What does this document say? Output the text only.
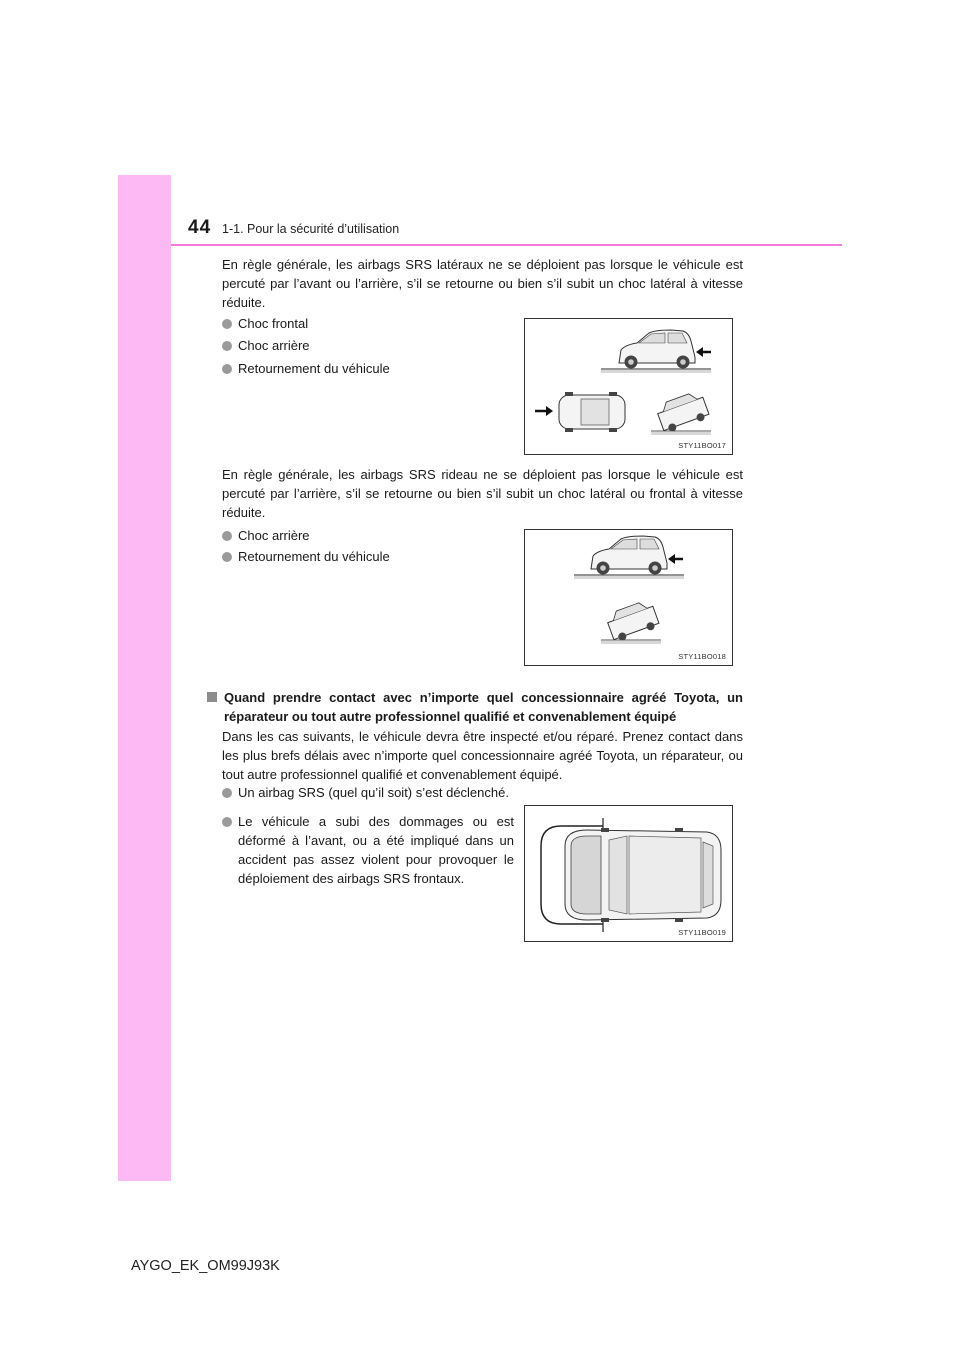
44 1-1. Pour la sécurité d’utilisation
En règle générale, les airbags SRS latéraux ne se déploient pas lorsque le véhicule est percuté par l’avant ou l’arrière, s’il se retourne ou bien s’il subit un choc latéral à vitesse réduite.
Choc frontal
Choc arrière
Retournement du véhicule
STY11BO017
En règle générale, les airbags SRS rideau ne se déploient pas lorsque le véhicule est percuté par l’arrière, s’il se retourne ou bien s’il subit un choc latéral ou frontal à vitesse réduite.
Choc arrière
Retournement du véhicule
STY11BO018
Quand prendre contact avec n’importe quel concessionnaire agréé Toyota, un réparateur ou tout autre professionnel qualifié et convenablement équipé
Dans les cas suivants, le véhicule devra être inspecté et/ou réparé. Prenez contact dans les plus brefs délais avec n’importe quel concessionnaire agréé Toyota, un réparateur, ou tout autre professionnel qualifié et convenablement équipé.
Un airbag SRS (quel qu’il soit) s’est déclenché.
Le véhicule a subi des dommages ou est déformé à l’avant, ou a été impliqué dans un accident pas assez violent pour provoquer le déploiement des airbags SRS frontaux.
STY11BO019
AYGO_EK_OM99J93K
